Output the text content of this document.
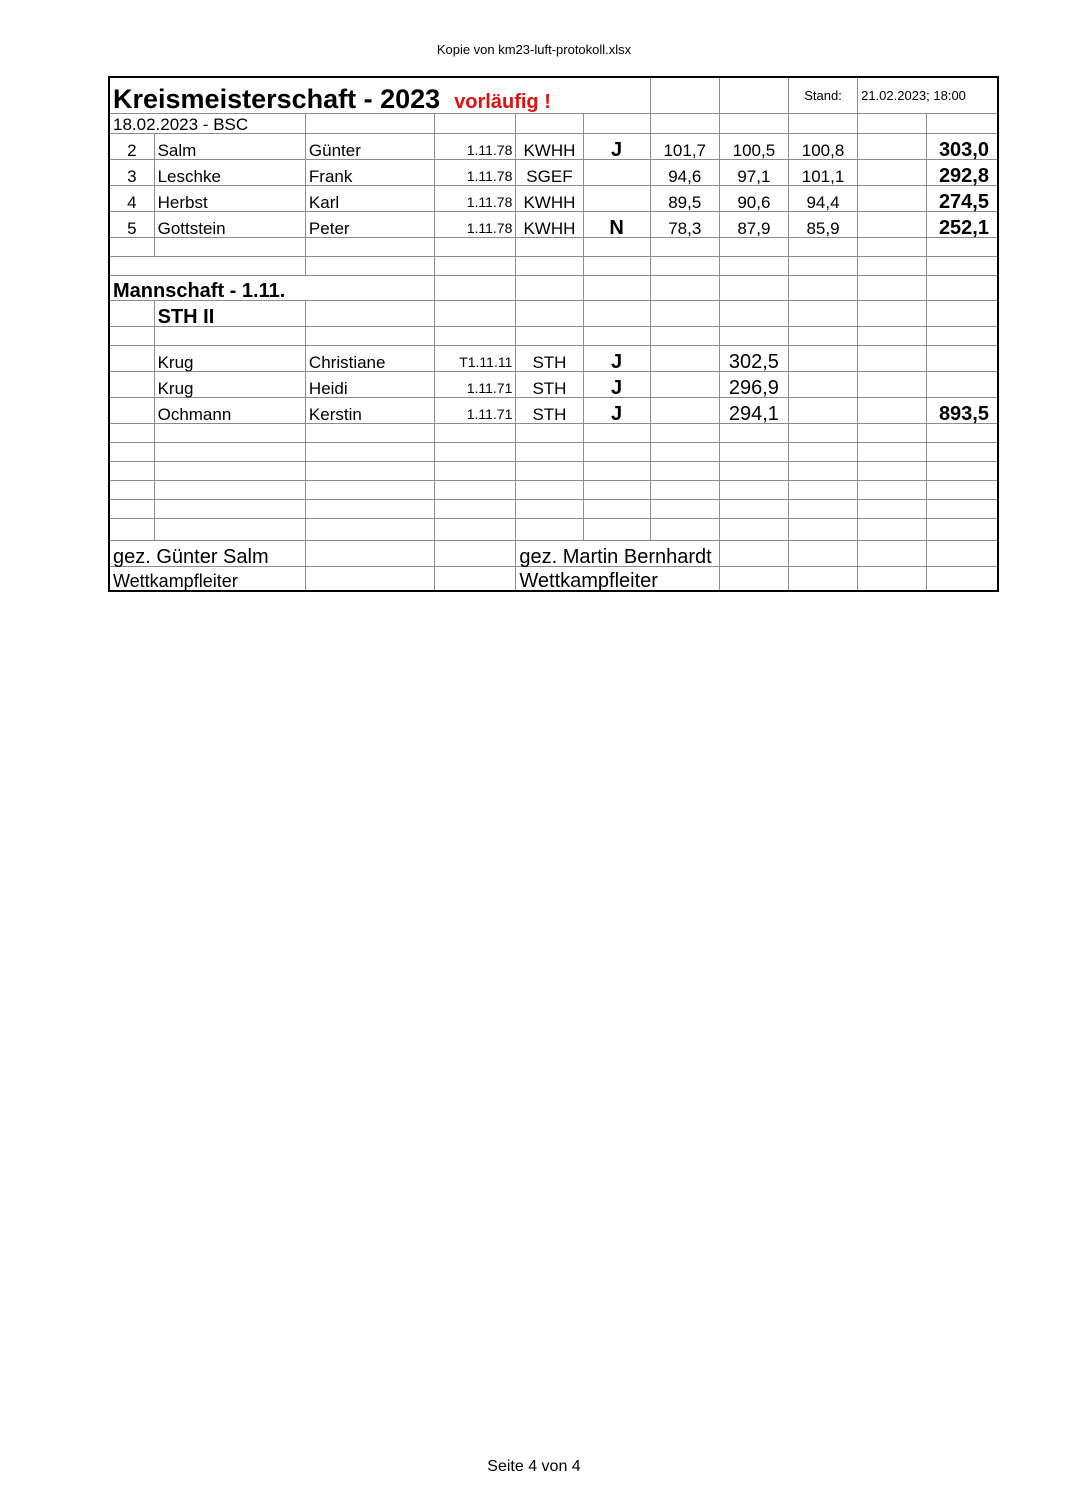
Kopie von km23-luft-protokoll.xlsx
Kreismeisterschaft - 2023 vorläufig !								Stand:	21.02.2023; 18:00	
18.02.2023 - BSC										
2	Salm	Günter	1.11.78	KWHH	J	101,7	100,5	100,8		303,0
3	Leschke	Frank	1.11.78	SGEF		94,6	97,1	101,1		292,8
4	Herbst	Karl	1.11.78	KWHH		89,5	90,6	94,4		274,5
5	Gottstein	Peter	1.11.78	KWHH	N	78,3	87,9	85,9		252,1

Mannschaft - 1.11.										
	STH II									

	Krug	Christiane	T1.11.11	STH	J		302,5			
	Krug	Heidi	1.11.71	STH	J		296,9			
	Ochmann	Kerstin	1.11.71	STH	J		294,1			893,5

gez. Günter Salm				gez. Martin Bernhardt						
Wettkampfleiter				Wettkampfleiter						
Seite 4 von 4
